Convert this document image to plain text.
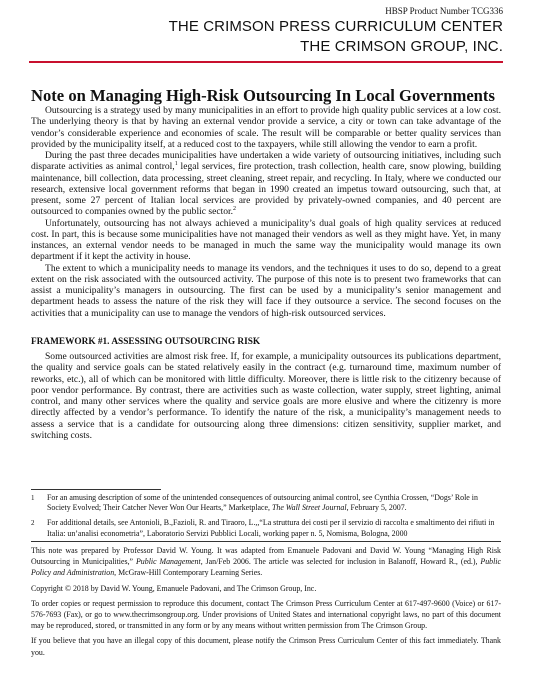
HBSP Product Number TCG336
THE CRIMSON PRESS CURRICULUM CENTER
THE CRIMSON GROUP, INC.
Note on Managing High-Risk Outsourcing In Local Governments

Outsourcing is a strategy used by many municipalities in an effort to provide high quality public services at a low cost. The underlying theory is that by having an external vendor provide a service, a city or town can take advantage of the vendor’s considerable experience and economies of scale. The result will be comparable or better quality services than provided by the municipality itself, at a reduced cost to the taxpayers, while still allowing the vendor to earn a profit.

During the past three decades municipalities have undertaken a wide variety of outsourcing initiatives, including such disparate activities as animal control,$^1$ legal services, fire protection, trash collection, health care, snow plowing, building maintenance, bill collection, data processing, street cleaning, street repair, and recycling. In Italy, where we conducted our research, extensive local government reforms that began in 1990 created an impetus toward outsourcing, such that, at present, some 27 percent of Italian local services are provided by privately-owned companies, and 40 percent are outsourced to companies owned by the public sector.$^2$

Unfortunately, outsourcing has not always achieved a municipality’s dual goals of high quality services at reduced cost. In part, this is because some municipalities have not managed their vendors as well as they might have. Yet, in many instances, an external vendor needs to be managed in much the same way the municipality would manage its own department if it kept the activity in house.

The extent to which a municipality needs to manage its vendors, and the techniques it uses to do so, depend to a great extent on the risk associated with the outsourced activity. The purpose of this note is to present two frameworks that can assist a municipality’s managers in outsourcing. The first can be used by a municipality’s senior management and department heads to assess the nature of the risk they will face if they outsource a service. The second focuses on the activities that a municipality can use to manage the vendors of high-risk outsourced services.

FRAMEWORK #1. ASSESSING OUTSOURCING RISK

Some outsourced activities are almost risk free. If, for example, a municipality outsources its publications department, the quality and service goals can be stated relatively easily in the contract (e.g. turnaround time, maximum number of reworks, etc.), all of which can be monitored with little difficulty. Moreover, there is little risk to the citizenry because of poor vendor performance. By contrast, there are activities such as waste collection, water supply, street lighting, animal control, and many other services where the quality and service goals are more elusive and where the citizenry is more directly affected by a vendor’s performance. To identify the nature of the risk, a municipality’s management needs to assess a service that is a candidate for outsourcing along three dimensions: citizen sensitivity, supplier market, and switching costs.

1 For an amusing description of some of the unintended consequences of outsourcing animal control, see Cynthia Crossen, “Dogs’ Role in Society Evolved; Their Catcher Never Won Our Hearts,” Marketplace, The Wall Street Journal, February 5, 2007.
2 For additional details, see Antonioli, B.,Fazioli, R. and Tiraoro, L.,,“La struttura dei costi per il servizio di raccolta e smaltimento dei rifiuti in Italia: un’analisi econometria”, Laboratorio Servizi Pubblici Locali, working paper n. 5, Nomisma, Bologna, 2000

This note was prepared by Professor David W. Young. It was adapted from Emanuele Padovani and David W. Young “Managing High Risk Outsourcing in Municipalities,” Public Management, Jan/Feb 2006. The article was selected for inclusion in Balanoff, Howard R., (ed.), Public Policy and Administration, McGraw-Hill Contemporary Learning Series.

Copyright © 2018 by David W. Young, Emanuele Padovani, and The Crimson Group, Inc.

To order copies or request permission to reproduce this document, contact The Crimson Press Curriculum Center at 617-497-9600 (Voice) or 617-576-7693 (Fax), or go to www.thecrimsongroup.org. Under provisions of United States and international copyright laws, no part of this document may be reproduced, stored, or transmitted in any form or by any means without written permission from The Crimson Group.

If you believe that you have an illegal copy of this document, please notify the Crimson Press Curriculum Center of this fact immediately. Thank you.
